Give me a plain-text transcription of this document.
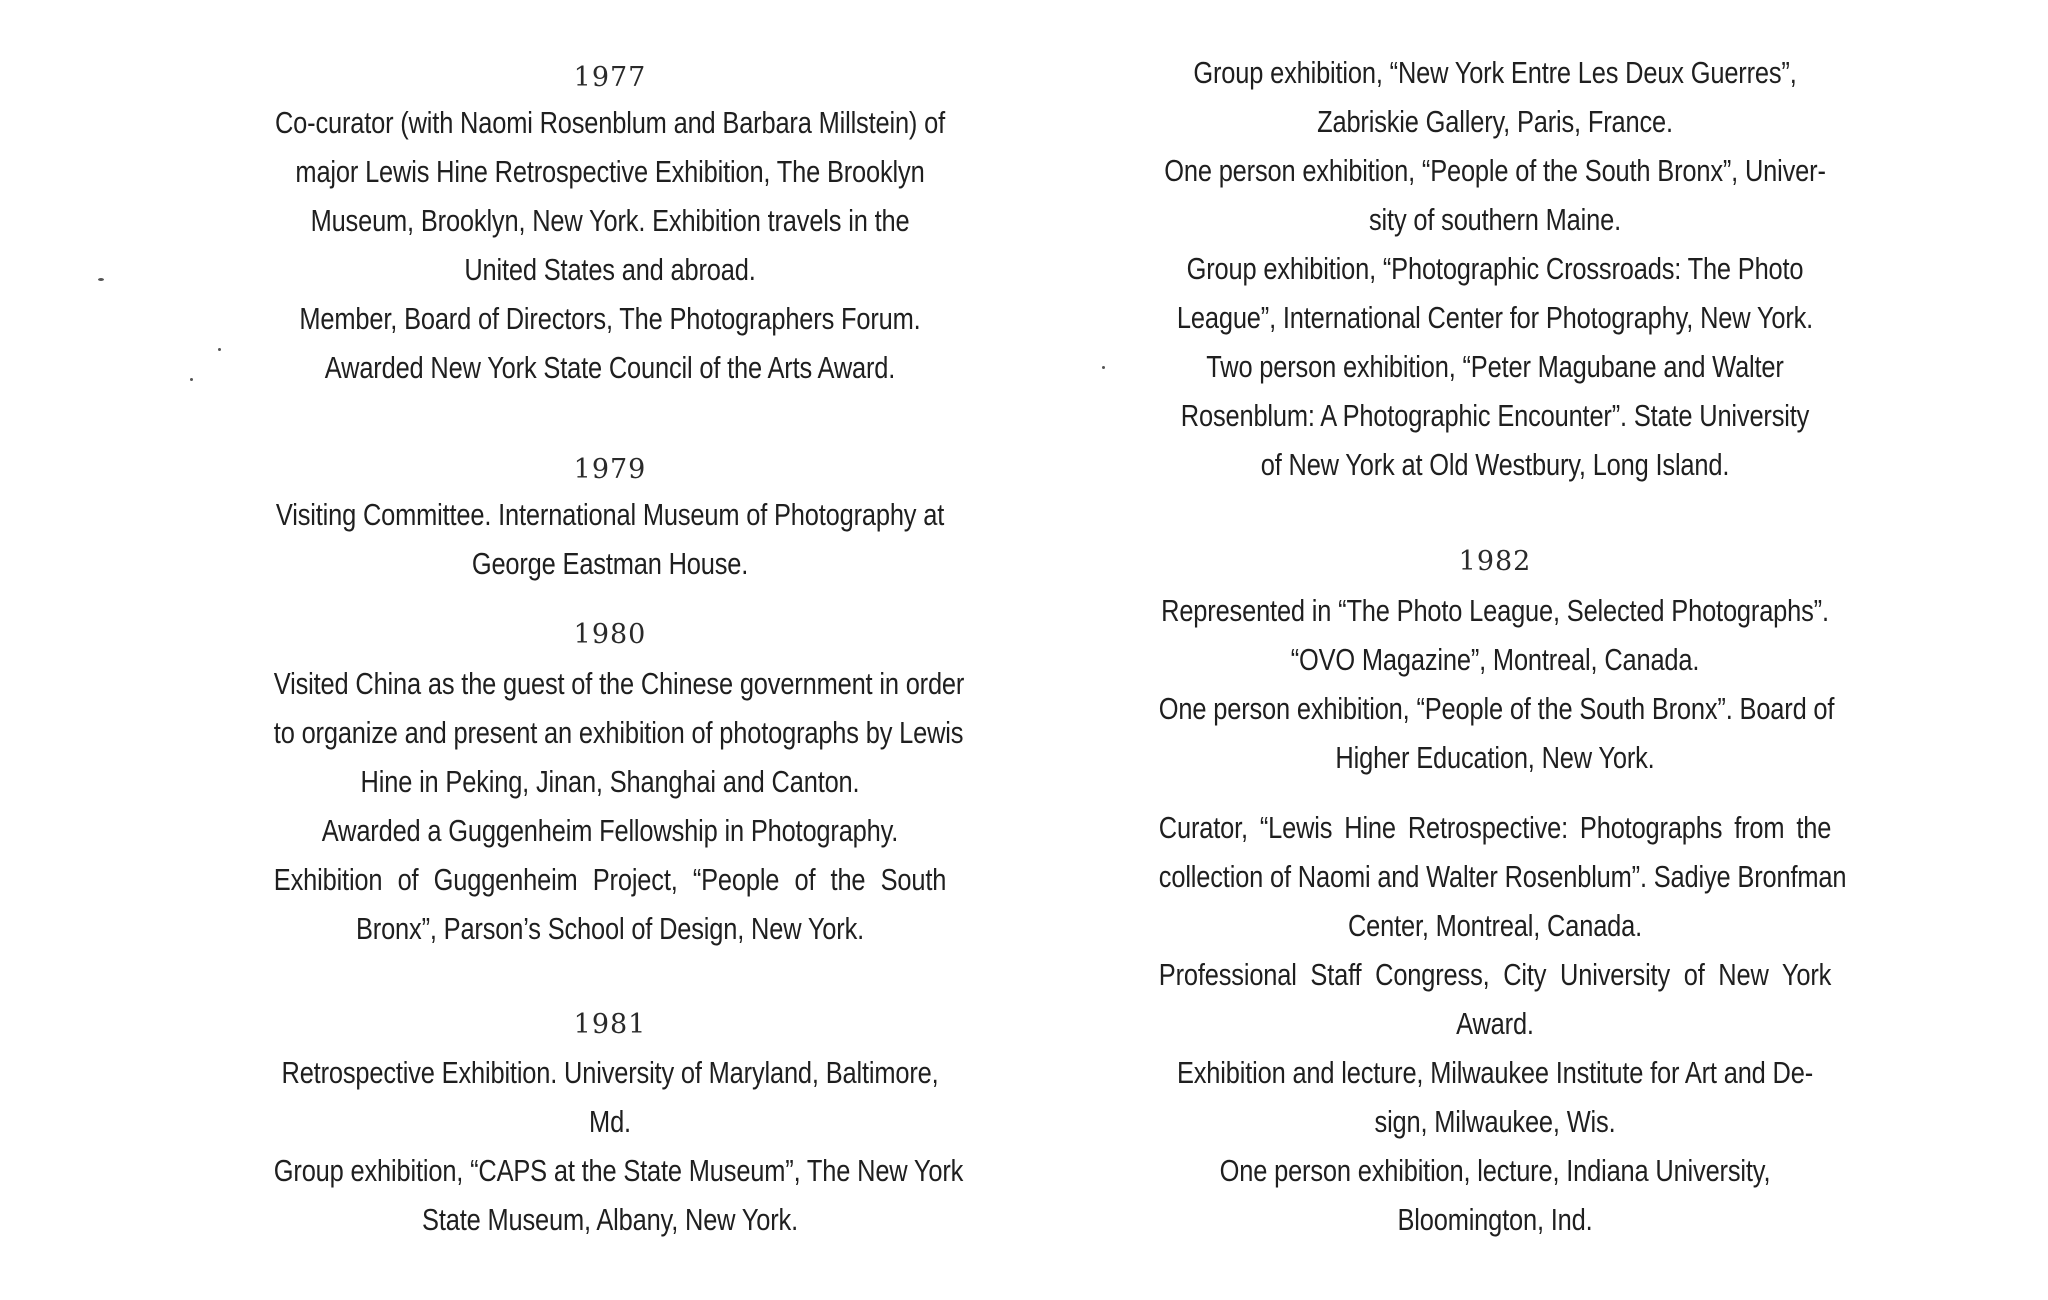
1977
Co-curator (with Naomi Rosenblum and Barbara Millstein) of
major Lewis Hine Retrospective Exhibition, The Brooklyn
Museum, Brooklyn, New York. Exhibition travels in the
United States and abroad.
Member, Board of Directors, The Photographers Forum.
Awarded New York State Council of the Arts Award.
1979
Visiting Committee. International Museum of Photography at
George Eastman House.
1980
Visited China as the guest of the Chinese government in order
to organize and present an exhibition of photographs by Lewis
Hine in Peking, Jinan, Shanghai and Canton.
Awarded a Guggenheim Fellowship in Photography.
Exhibition of Guggenheim Project, “People of the South
Bronx”, Parson’s School of Design, New York.
1981
Retrospective Exhibition. University of Maryland, Baltimore,
Md.
Group exhibition, “CAPS at the State Museum”, The New York
State Museum, Albany, New York.
Group exhibition, “New York Entre Les Deux Guerres”,
Zabriskie Gallery, Paris, France.
One person exhibition, “People of the South Bronx”, Univer-
sity of southern Maine.
Group exhibition, “Photographic Crossroads: The Photo
League”, International Center for Photography, New York.
Two person exhibition, “Peter Magubane and Walter
Rosenblum: A Photographic Encounter”. State University
of New York at Old Westbury, Long Island.
1982
Represented in “The Photo League, Selected Photographs”.
“OVO Magazine”, Montreal, Canada.
One person exhibition, “People of the South Bronx”. Board of
Higher Education, New York.
Curator, “Lewis Hine Retrospective: Photographs from the
collection of Naomi and Walter Rosenblum”. Sadiye Bronfman
Center, Montreal, Canada.
Professional Staff Congress, City University of New York
Award.
Exhibition and lecture, Milwaukee Institute for Art and De-
sign, Milwaukee, Wis.
One person exhibition, lecture, Indiana University,
Bloomington, Ind.
